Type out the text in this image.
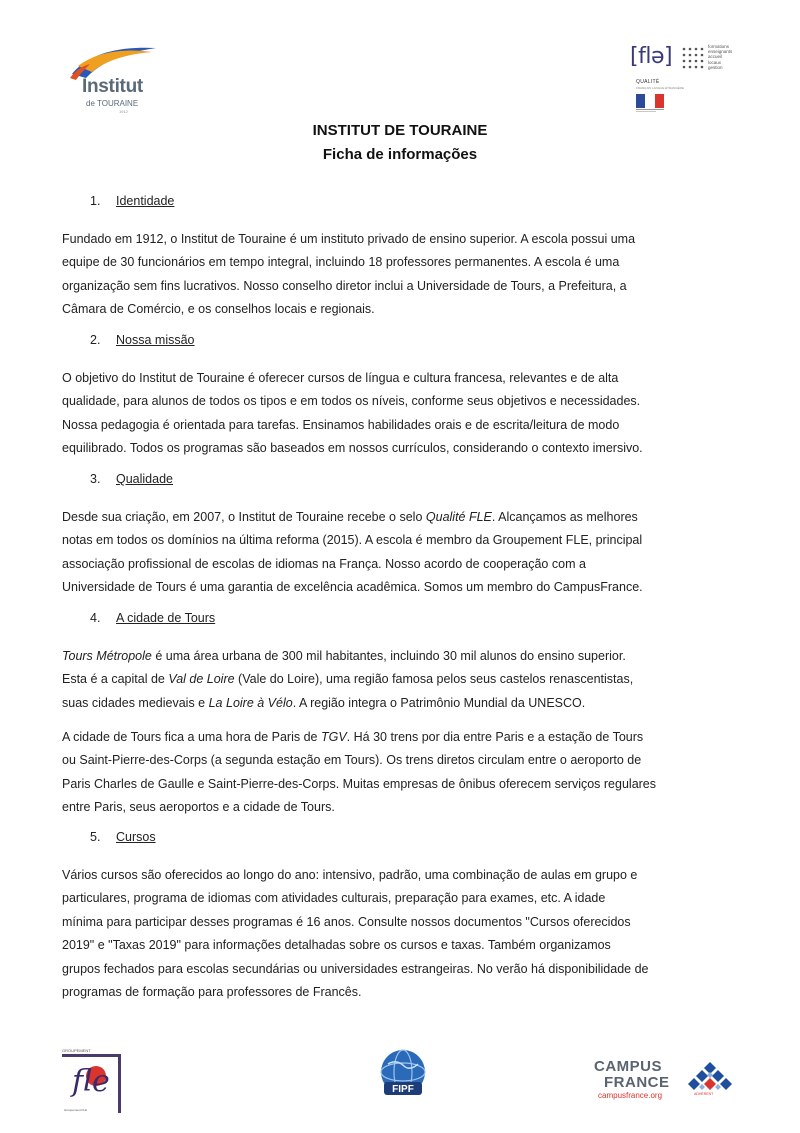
Institut
de TOURAINE
1912
[flə]	formations
enseignants
accueil
locaux
gestion
QUALITÉ
FRANÇAIS LANGUE ÉTRANGÈRE
INSTITUT DE TOURAINE
Ficha de informações
1. Identidade
Fundado em 1912, o Institut de Touraine é um instituto privado de ensino superior. A escola possui uma
equipe de 30 funcionários em tempo integral, incluindo 18 professores permanentes. A escola é uma
organização sem fins lucrativos. Nosso conselho diretor inclui a Universidade de Tours, a Prefeitura, a
Câmara de Comércio, e os conselhos locais e regionais.
2. Nossa missão
O objetivo do Institut de Touraine é oferecer cursos de língua e cultura francesa, relevantes e de alta
qualidade, para alunos de todos os tipos e em todos os níveis, conforme seus objetivos e necessidades.
Nossa pedagogia é orientada para tarefas. Ensinamos habilidades orais e de escrita/leitura de modo
equilibrado. Todos os programas são baseados em nossos currículos, considerando o contexto imersivo.
3. Qualidade
Desde sua criação, em 2007, o Institut de Touraine recebe o selo Qualité FLE. Alcançamos as melhores
notas em todos os domínios na última reforma (2015). A escola é membro da Groupement FLE, principal
associação profissional de escolas de idiomas na França. Nosso acordo de cooperação com a
Universidade de Tours é uma garantia de excelência acadêmica. Somos um membro do CampusFrance.
4. A cidade de Tours
Tours Métropole é uma área urbana de 300 mil habitantes, incluindo 30 mil alunos do ensino superior.
Esta é a capital de Val de Loire (Vale do Loire), uma região famosa pelos seus castelos renascentistas,
suas cidades medievais e La Loire à Vélo. A região integra o Patrimônio Mundial da UNESCO.
A cidade de Tours fica a uma hora de Paris de TGV. Há 30 trens por dia entre Paris e a estação de Tours
ou Saint-Pierre-des-Corps (a segunda estação em Tours). Os trens diretos circulam entre o aeroporto de
Paris Charles de Gaulle e Saint-Pierre-des-Corps. Muitas empresas de ônibus oferecem serviços regulares
entre Paris, seus aeroportos e a cidade de Tours.
5. Cursos
Vários cursos são oferecidos ao longo do ano: intensivo, padrão, uma combinação de aulas em grupo e
particulares, programa de idiomas com atividades culturais, preparação para exames, etc. A idade
mínima para participar desses programas é 16 anos. Consulte nossos documentos "Cursos oferecidos
2019" e "Taxas 2019" para informações detalhadas sobre os cursos e taxas. Também organizamos
grupos fechados para escolas secundárias ou universidades estrangeiras. No verão há disponibilidade de
programas de formação para professores de Francês.
GROUPEMENT
fle
Groupement FLE
FIPF
CAMPUS
FRANCE
campusfrance.org	ADHÉRENT
